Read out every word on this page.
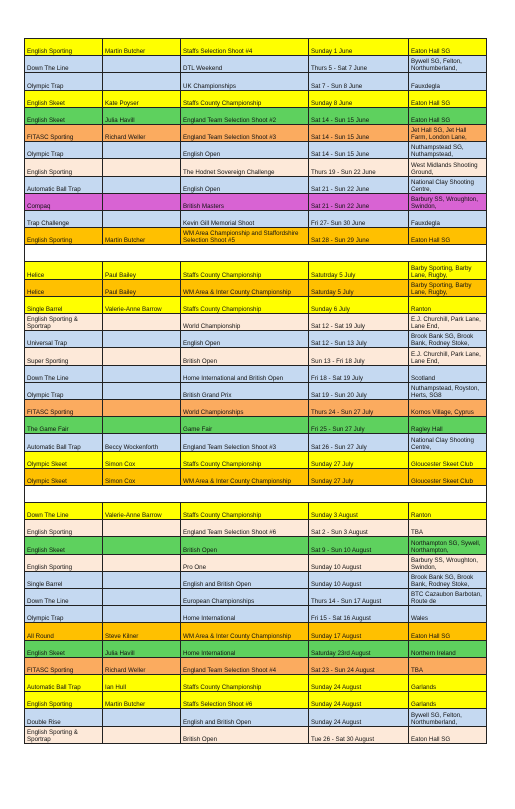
English Sporting	Martin Butcher	Staffs Selection Shoot #4	Sunday 1 June	Eaton Hall SG
Down The Line		DTL Weekend	Thurs 5 - Sat 7 June	Bywell SG, Felton, Northumberland,
Olympic Trap		UK Championships	Sat 7 - Sun 8 June	Fauxdegla
English Skeet	Kate Poyser	Staffs County Championship	Sunday 8 June	Eaton Hall SG
English Skeet	Julia Havill	England Team Selection Shoot #2	Sat 14 - Sun 15 June	Eaton Hall SG
FITASC Sporting	Richard Weller	England Team Selection Shoot #3	Sat 14 - Sun 15 June	Jet Hall SG, Jet Hall Farm, London Lane,
Olympic Trap		English Open	Sat 14 - Sun 15 June	Nuthampstead SG, Nuthampstead,
English Sporting		The Hodnet Sovereign Challenge	Thurs 19 - Sun 22 June	West Midlands Shooting Ground,
Automatic Ball Trap		English Open	Sat 21 - Sun 22 June	National Clay Shooting Centre,
Compaq		British Masters	Sat 21 - Sun 22 June	Barbury SS, Wroughton, Swindon,
Trap Challenge		Kevin Gill Memorial Shoot	Fri 27- Sun 30 June	Fauxdegla
English Sporting	Martin Butcher	WM Area Championship and Staffordshire Selection Shoot #5	Sat 28 - Sun 29 June	Eaton Hall SG

Helice	Paul Bailey	Staffs County Championship	Satutrday 5 July	Barby Sporting, Barby Lane, Rugby,
Helice	Paul Bailey	WM Area & Inter County Championship	Saturday 5 July	Barby Sporting, Barby Lane, Rugby,
Single Barrel	Valerie-Anne Barrow	Staffs County Championship	Sunday 6 July	Ranton
English Sporting & Sportrap		World Championship	Sat 12 - Sat 19 July	E.J. Churchill, Park Lane, Lane End,
Universal Trap		English Open	Sat 12 - Sun 13 July	Brook Bank SG, Brook Bank, Rodney Stoke,
Super Sporting		British Open	Sun 13 - Fri 18 July	E.J. Churchill, Park Lane, Lane End,
Down The Line		Home International and British Open	Fri 18 - Sat 19 July	Scotland
Olympic Trap		British Grand Prix	Sat 19 - Sun 20 July	Nuthampstead, Royston, Herts, SG8
FITASC Sporting		World Championships	Thurs 24 - Sun 27 July	Kornos Village, Cyprus
The Game Fair		Game Fair	Fri 25 - Sun 27 July	Ragley Hall
Automatic Ball Trap	Beccy Wockenforth	England Team Selection Shoot #3	Sat 26 - Sun 27 July	National Clay Shooting Centre,
Olympic Skeet	Simon Cox	Staffs County Championship	Sunday 27 July	Gloucester Skeet Club
Olympic Skeet	Simon Cox	WM Area & Inter County Championship	Sunday 27 July	Gloucester Skeet Club

Down The Line	Valerie-Anne Barrow	Staffs County Championship	Sunday 3 August	Ranton
English Sporting		England Team Selection Shoot #6	Sat 2 - Sun 3 August	TBA
English Skeet		British Open	Sat 9 - Sun 10 August	Northampton SG, Sywell, Northampton,
English Sporting		Pro One	Sunday 10 August	Barbury SS, Wroughton, Swindon,
Single Barrel		English and British Open	Sunday 10 August	Brook Bank SG, Brook Bank, Rodney Stoke,
Down The Line		European Championships	Thurs 14 - Sun 17 August	BTC Cazaubon Barbotan, Route de
Olympic Trap		Home International	Fri 15 - Sat 16 August	Wales
All Round	Steve Kilner	WM Area & Inter County Championship	Sunday 17 August	Eaton Hall SG
English Skeet	Julia Havill	Home International	Saturday 23rd August	Northern Ireland
FITASC Sporting	Richard Weller	England Team Selection Shoot #4	Sat 23 - Sun 24 August	TBA
Automatic Ball Trap	Ian Hull	Staffs County Championship	Sunday 24 August	Garlands
English Sporting	Martin Butcher	Staffs Selection Shoot #6	Sunday 24 August	Garlands
Double Rise		English and British Open	Sunday 24 August	Bywell SG, Felton, Northumberland,
English Sporting & Sportrap		British Open	Tue 26 - Sat 30 August	Eaton Hall SG
